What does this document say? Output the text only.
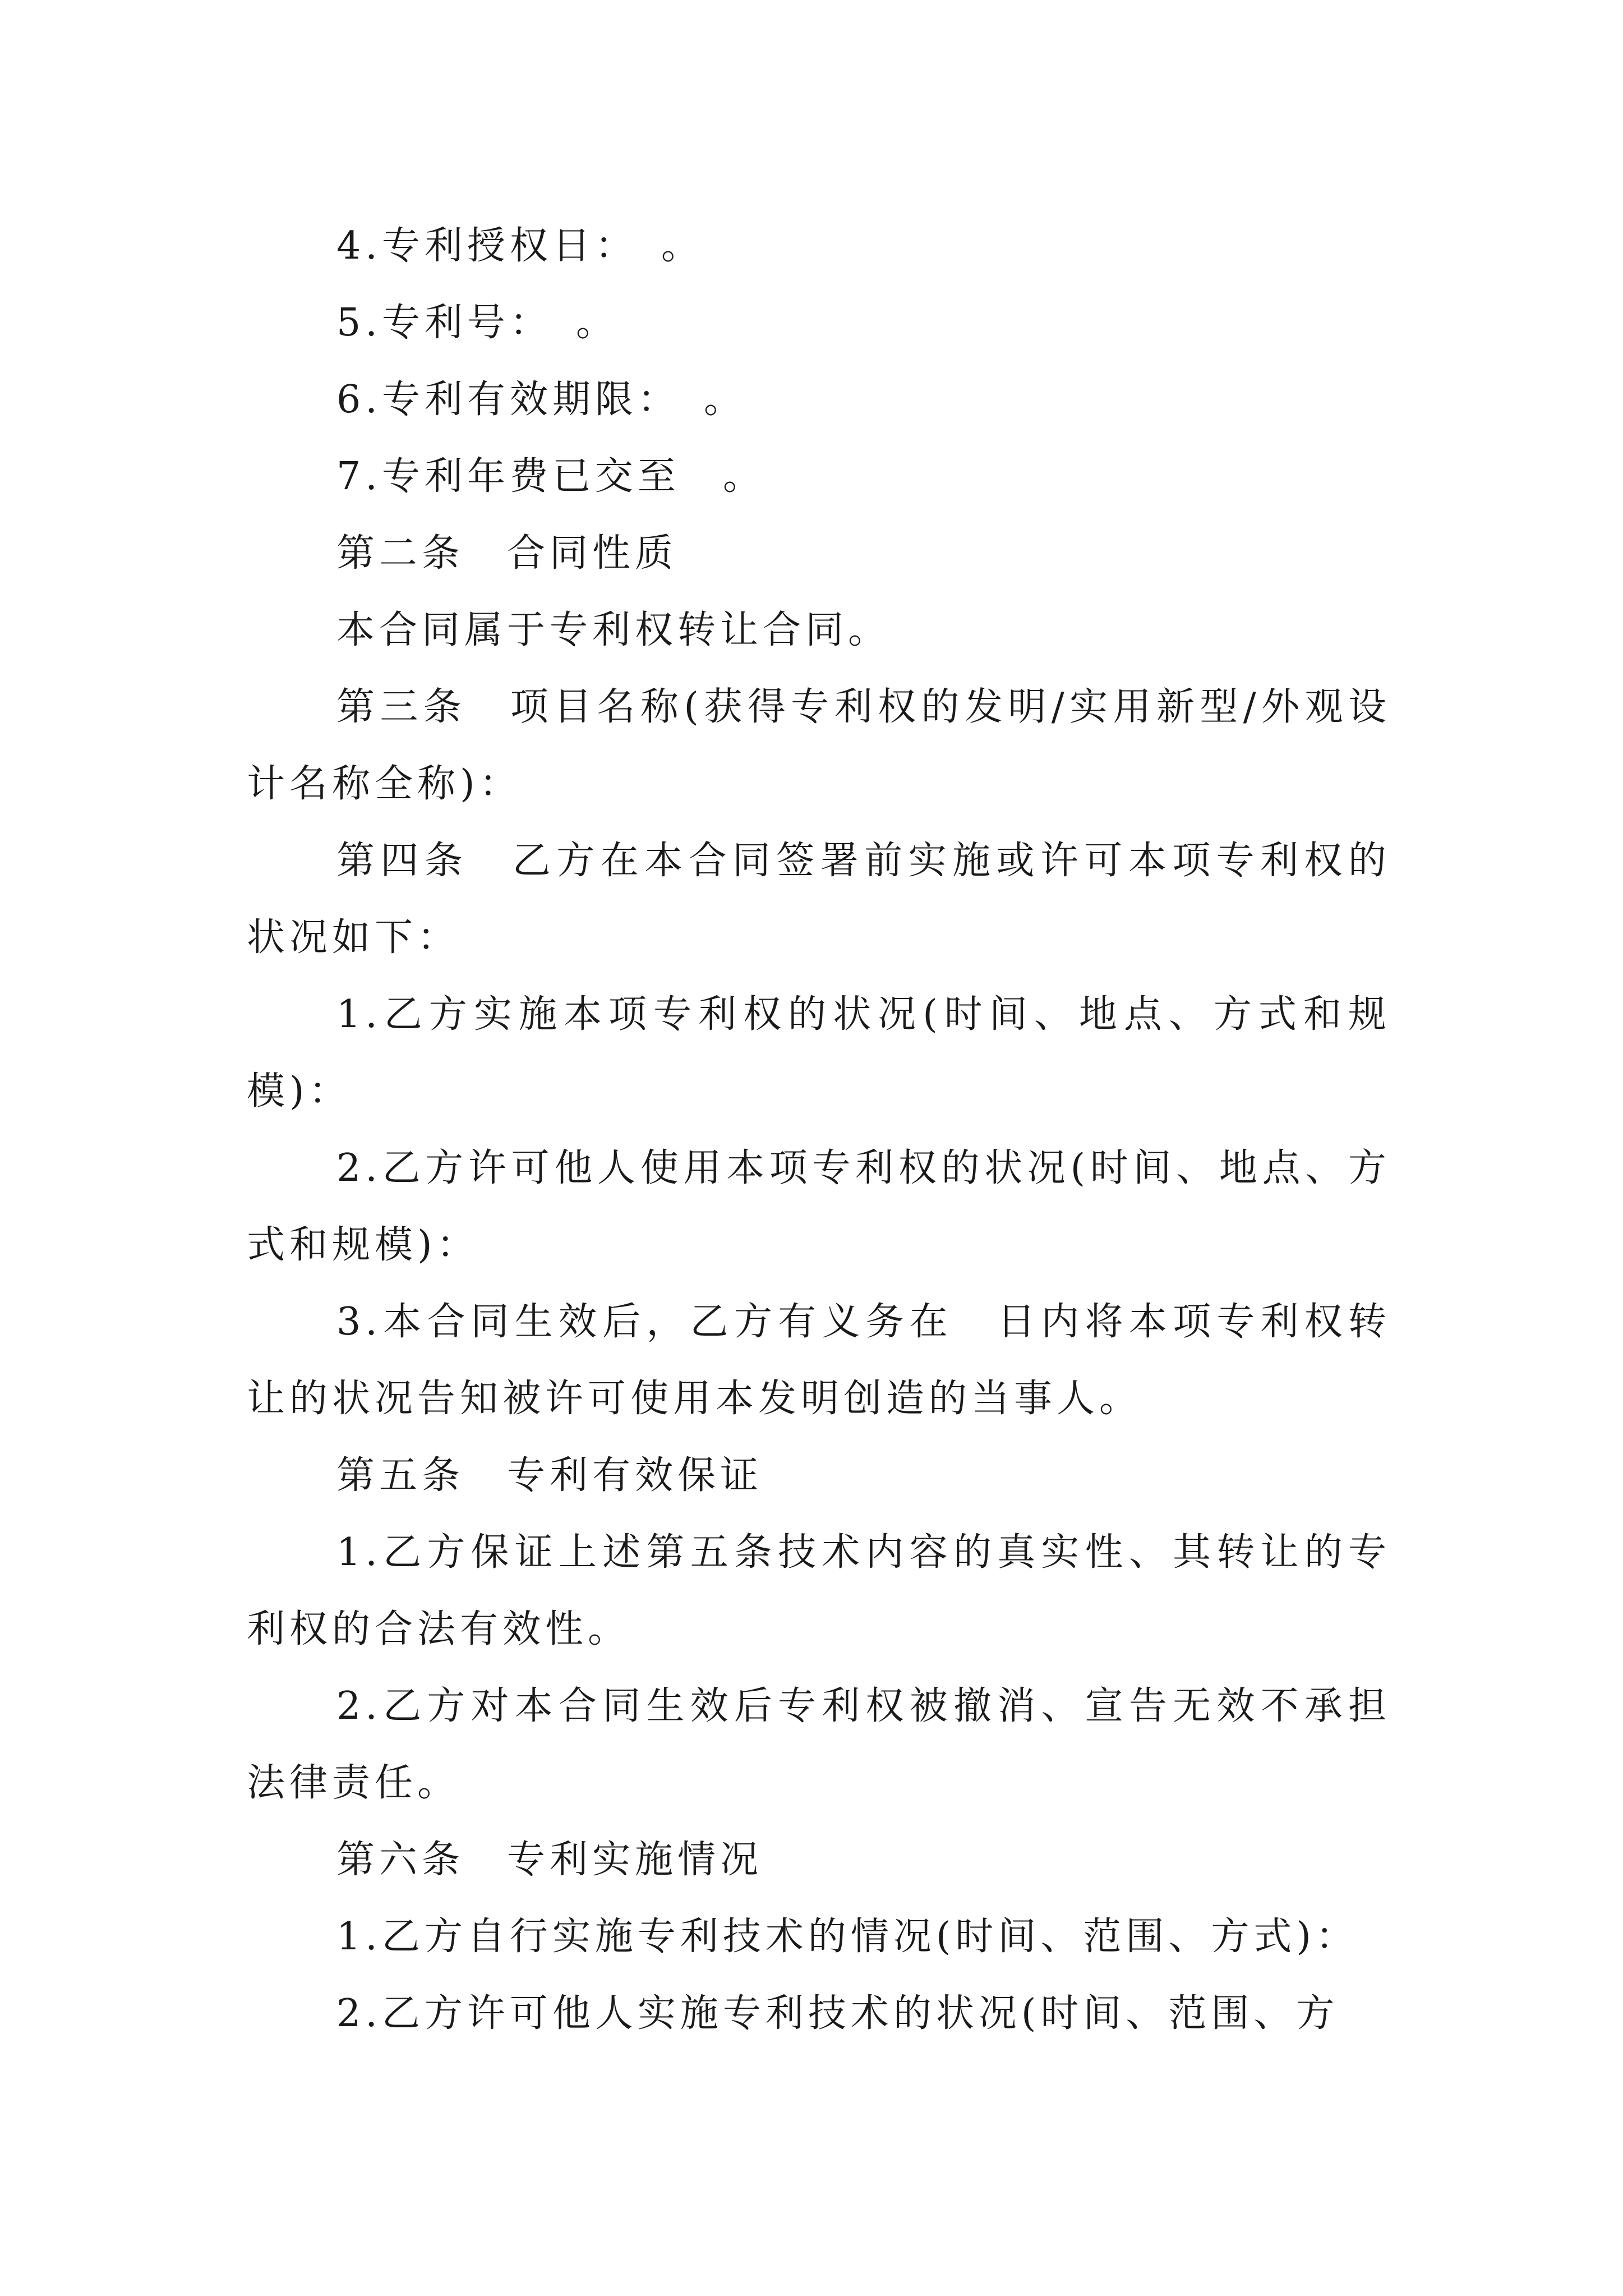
4.专利授权日：　。

5.专利号：　。

6.专利有效期限：　。

7.专利年费已交至　。

第二条　合同性质

本合同属于专利权转让合同。

第三条　项目名称(获得专利权的发明/实用新型/外观设计名称全称)：

第四条　乙方在本合同签署前实施或许可本项专利权的状况如下：

1.乙方实施本项专利权的状况(时间、地点、方式和规模)：

2.乙方许可他人使用本项专利权的状况(时间、地点、方式和规模)：

3.本合同生效后，乙方有义务在　日内将本项专利权转让的状况告知被许可使用本发明创造的当事人。

第五条　专利有效保证

1.乙方保证上述第五条技术内容的真实性、其转让的专利权的合法有效性。

2.乙方对本合同生效后专利权被撤消、宣告无效不承担法律责任。

第六条　专利实施情况

1.乙方自行实施专利技术的情况(时间、范围、方式)：

2.乙方许可他人实施专利技术的状况(时间、范围、方
